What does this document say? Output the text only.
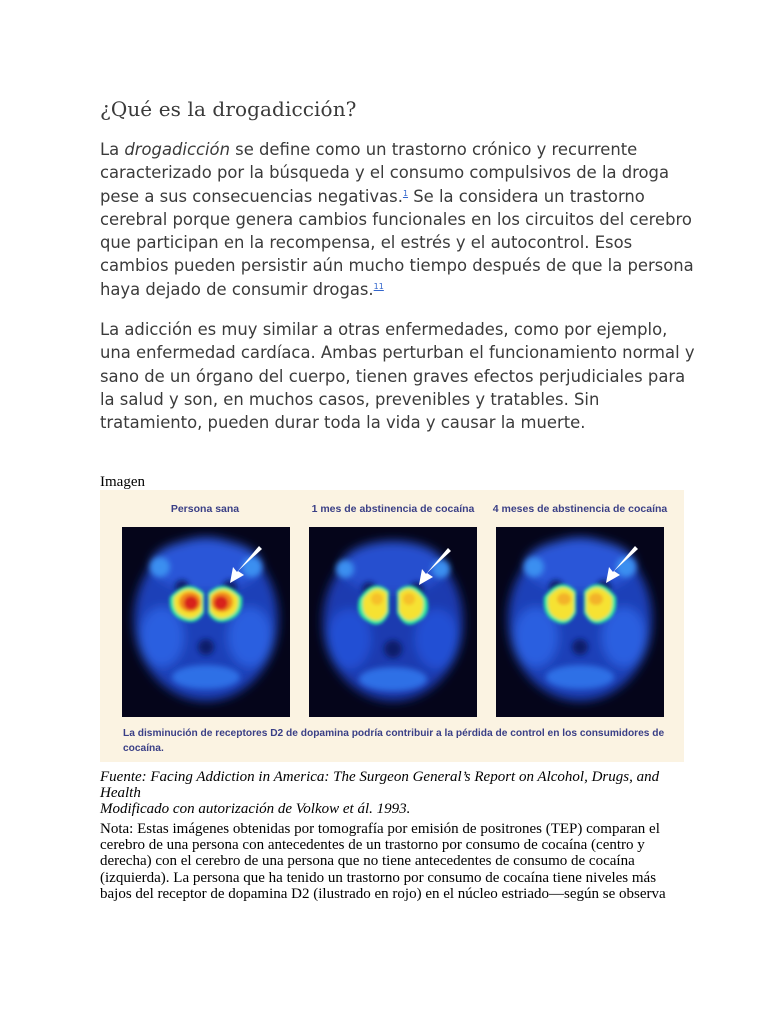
¿Qué es la drogadicción?

La drogadicción se define como un trastorno crónico y recurrente caracterizado por la búsqueda y el consumo compulsivos de la droga pese a sus consecuencias negativas.$^1$ Se la considera un trastorno cerebral porque genera cambios funcionales en los circuitos del cerebro que participan en la recompensa, el estrés y el autocontrol. Esos cambios pueden persistir aún mucho tiempo después de que la persona haya dejado de consumir drogas.$^{11}$

La adicción es muy similar a otras enfermedades, como por ejemplo, una enfermedad cardíaca. Ambas perturban el funcionamiento normal y sano de un órgano del cuerpo, tienen graves efectos perjudiciales para la salud y son, en muchos casos, prevenibles y tratables. Sin tratamiento, pueden durar toda la vida y causar la muerte.

Imagen
Persona sana	1 mes de abstinencia de cocaína	4 meses de abstinencia de cocaína
La disminución de receptores D2 de dopamina podría contribuir a la pérdida de control en los consumidores de cocaína.
Fuente: Facing Addiction in America: The Surgeon General’s Report on Alcohol, Drugs, and Health
Modificado con autorización de Volkow et ál. 1993.
Nota: Estas imágenes obtenidas por tomografía por emisión de positrones (TEP) comparan el cerebro de una persona con antecedentes de un trastorno por consumo de cocaína (centro y derecha) con el cerebro de una persona que no tiene antecedentes de consumo de cocaína (izquierda). La persona que ha tenido un trastorno por consumo de cocaína tiene niveles más bajos del receptor de dopamina D2 (ilustrado en rojo) en el núcleo estriado—según se observa
